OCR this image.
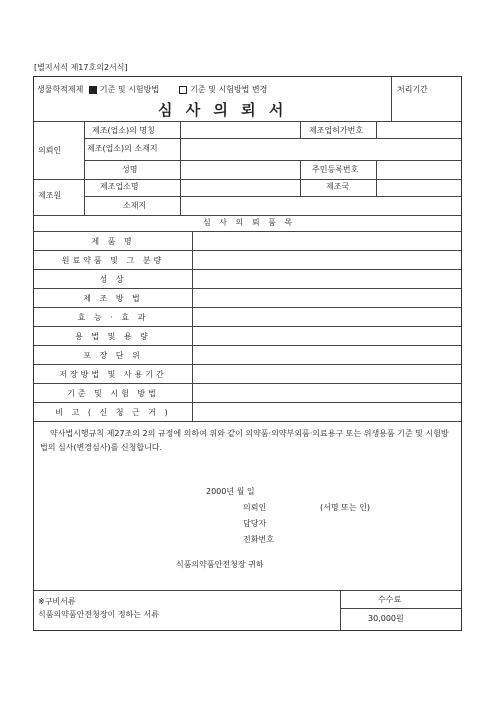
[별지서식 제17호의2서식]
생물학적제제 기준 및 시험방법	기준 및 시험방법 변경
심 사 의 뢰 서
처리기간
의뢰인
제조(업소)의 명칭	제조업허가번호
제조(업소)의 소재지
성명	주민등록번호
제조원
제조업소명	제조국
소재지
심 사 의 뢰 품 목
제 품 명
원료약품 및 그 분량
성 상
제 조 방 법
효 능 · 효 과
용 법 및 용 량
포 장 단 위
저장방법 및 사용기간
기준 및 시험 방법
비 고 ( 신 청 근 거 )
약사법시행규칙 제27조의 2의 규정에 의하여 위와 같이 의약품·의약부외품·의료용구 또는 위생용품 기준 및 시험방법의 심사(변경심사)를 신청합니다.
2000년 월 일
의뢰인	(서명 또는 인)
담당자
전화번호
식품의약품안전청장 귀하
※구비서류
식품의약품안전청장이 정하는 서류
수수료
30,000원
